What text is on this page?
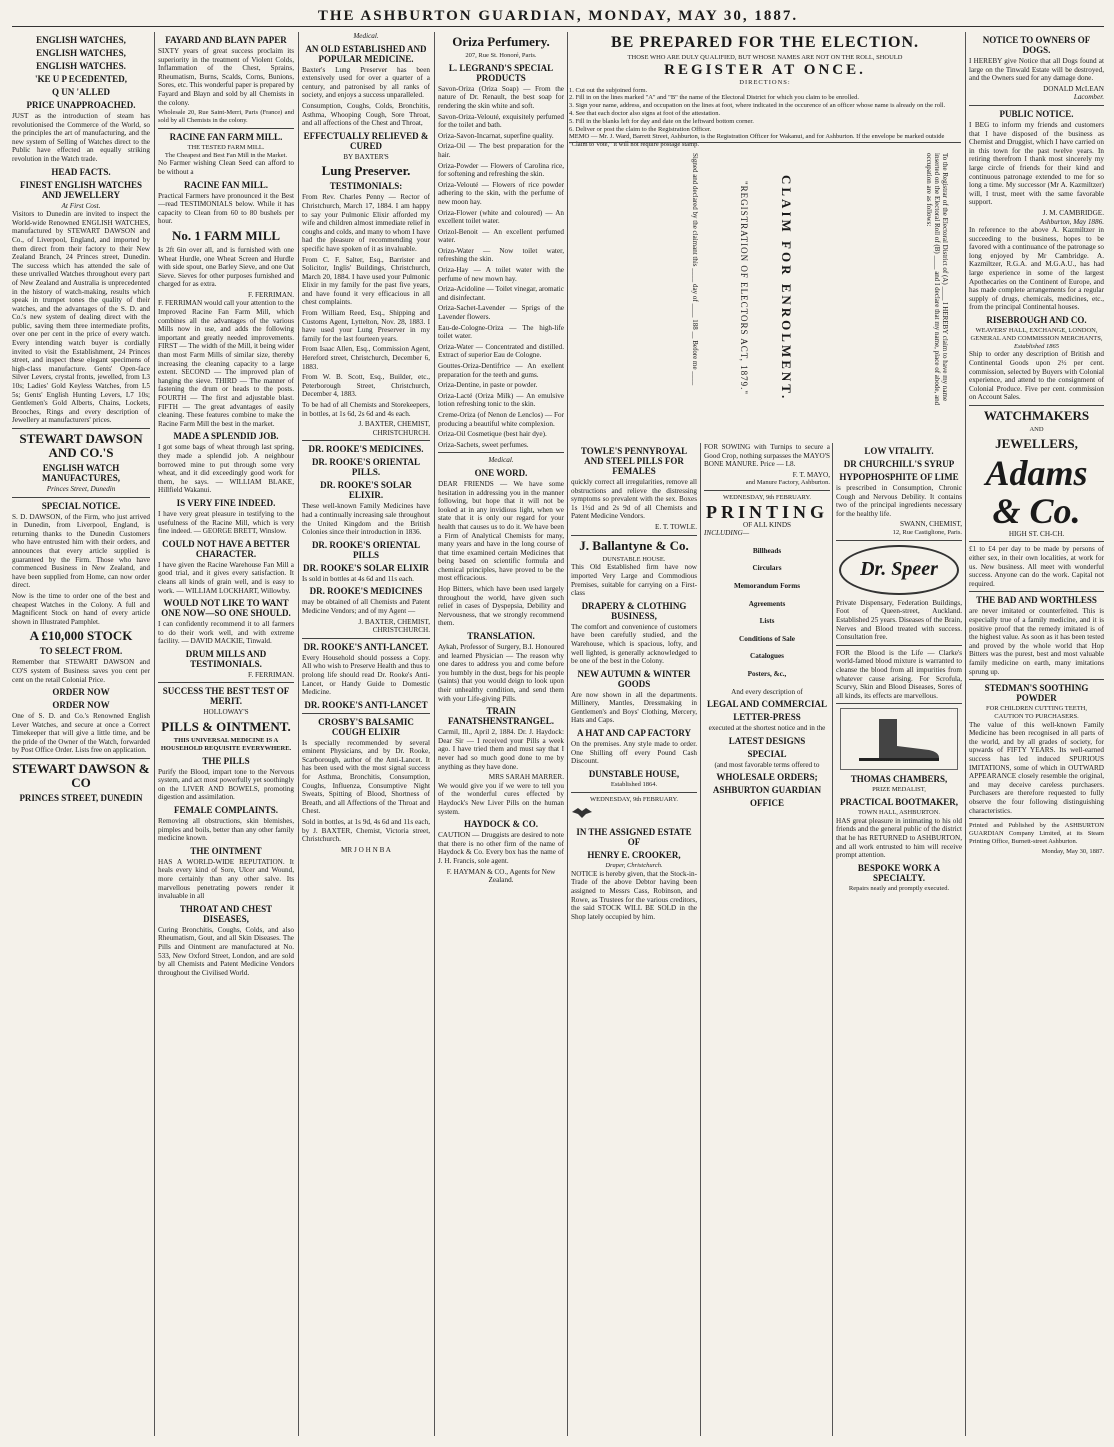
THE ASHBURTON GUARDIAN, MONDAY, MAY 30, 1887.
ENGLISH WATCHES,
ENGLISH WATCHES,
ENGLISH WATCHES.
'KE U P ECEDENTED,
Q UN 'ALLED
PRICE UNAPPROACHED.

JUST as the introduction of steam has revolutionised the Commerce of the World, so the principles the art of manufacturing, and the new system of Selling of Watches direct to the Public have effected an equally striking revolution in the Watch trade.

HEAD FACTS.
FINEST ENGLISH WATCHES AND JEWELLERY
At First Cost.

Visitors to Dunedin are invited to inspect the World-wide Renowned ENGLISH WATCHES, manufactured by STEWART DAWSON and Co., of Liverpool, England, and imported by them direct from their factory to their New Zealand Branch, 24 Princes street, Dunedin. The success which has attended the sale of these unrivalled Watches throughout every part of New Zealand and Australia is unprecedented in the history of watch-making, results which speak in trumpet tones the quality of their watches, and the advantages of the S. D. and Co.'s new system of dealing direct with the public, saving them three intermediate profits, over one per cent in the price of every watch. Every intending watch buyer is cordially invited to visit the Establishment, 24 Princes street, and inspect these elegant specimens of high-class manufacture. Gents' Open-face Silver Levers, crystal fronts, jewelled, from L3 10s; Ladies' Gold Keyless Watches, from L5 5s; Gents' English Hunting Levers, L7 10s; Gentlemen's Gold Alberts, Chains, Lockets, Brooches, Rings and every description of Jewellery at manufacturers' prices.

STEWART DAWSON AND CO.'S
ENGLISH WATCH MANUFACTURES,
Princes Street, Dunedin
SPECIAL NOTICE.

S. D. DAWSON, of the Firm, who just arrived in Dunedin, from Liverpool, England, is returning thanks to the Dunedin Customers who have entrusted him with their orders, and announces that every article supplied is guaranteed by the Firm. Those who have commenced Business in New Zealand, and have been supplied from Home, can now order direct.

Now is the time to order one of the best and cheapest Watches in the Colony. A full and Magnificent Stock on hand of every article shown in Illustrated Pamphlet.

A £10,000 STOCK
TO SELECT FROM.

Remember that STEWART DAWSON and CO'S system of Business saves you cent per cent on the retail Colonial Price.

ORDER NOW
ORDER NOW

One of S. D. and Co.'s Renowned English Lever Watches, and secure at once a Correct Timekeeper that will give a little time, and be the pride of the Owner of the Watch, forwarded by Post Office Order. Lists free on application.

STEWART DAWSON & CO
PRINCES STREET, DUNEDIN
FAYARD AND BLAYN PAPER

SIXTY years of great success proclaim its superiority in the treatment of Violent Colds, Inflammation of the Chest, Sprains, Rheumatism, Burns, Scalds, Corns, Bunions, Sores, etc. This wonderful paper is prepared by Fayard and Blayn and sold by all Chemists in the colony.

Wholesale 20, Rue Saint-Merri, Paris (France) and sold by all Chemists in the colony.

RACINE FAN FARM MILL.
THE TESTED FARM MILL.
The Cheapest and Best Fan Mill in the Market.

No Farmer wishing Clean Seed can afford to be without a

RACINE FAN MILL.

Practical Farmers have pronounced it the Best—read TESTIMONIALS below. While it has capacity to Clean from 60 to 80 bushels per hour.

No. 1 FARM MILL

Is 2ft 6in over all, and is furnished with one Wheat Hurdle, one Wheat Screen and Hurdle with side spout, one Barley Sieve, and one Oat Sieve. Sieves for other purposes furnished and charged for as extra.

F. FERRIMAN.

F. FERRIMAN would call your attention to the Improved Racine Fan Farm Mill, which combines all the advantages of the various Mills now in use, and adds the following important and greatly needed improvements. FIRST — The width of the Mill, it being wider than most Farm Mills of similar size, thereby increasing the cleaning capacity to a large extent. SECOND — The improved plan of hanging the sieve. THIRD — The manner of fastening the drum or heads to the posts. FOURTH — The first and adjustable blast. FIFTH — The great advantages of easily cleaning. These features combine to make the Racine Farm Mill the best in the market.

MADE A SPLENDID JOB.

I got some bags of wheat through last spring, they made a splendid job. A neighbour borrowed mine to put through some very wheat, and it did exceedingly good work for them, he says. — WILLIAM BLAKE, Hillfield Wakanui.

IS VERY FINE INDEED.

I have very great pleasure in testifying to the usefulness of the Racine Mill, which is very fine indeed. — GEORGE BRETT, Winslow.

COULD NOT HAVE A BETTER CHARACTER.

I have given the Racine Warehouse Fan Mill a good trial, and it gives every satisfaction. It cleans all kinds of grain well, and is easy to work. — WILLIAM LOCKHART, Willowby.

WOULD NOT LIKE TO WANT ONE NOW—SO ONE SHOULD.

I can confidently recommend it to all farmers to do their work well, and with extreme facility. — DAVID MACKIE, Tinwald.

DRUM MILLS AND TESTIMONIALS.
F. FERRIMAN.
SUCCESS THE BEST TEST OF MERIT.
HOLLOWAY'S
PILLS & OINTMENT.
THIS UNIVERSAL MEDICINE IS A HOUSEHOLD REQUISITE EVERYWHERE.
THE PILLS

Purify the Blood, impart tone to the Nervous system, and act most powerfully yet soothingly on the LIVER AND BOWELS, promoting digestion and assimilation.

FEMALE COMPLAINTS.

Removing all obstructions, skin blemishes, pimples and boils, better than any other family medicine known.

THE OINTMENT

HAS A WORLD-WIDE REPUTATION. It heals every kind of Sore, Ulcer and Wound, more certainly than any other salve. Its marvellous penetrating powers render it invaluable in all

THROAT AND CHEST DISEASES,

Curing Bronchitis, Coughs, Colds, and also Rheumatism, Gout, and all Skin Diseases. The Pills and Ointment are manufactured at No. 533, New Oxford Street, London, and are sold by all Chemists and Patent Medicine Vendors throughout the Civilised World.

Medical.
AN OLD ESTABLISHED AND POPULAR MEDICINE.

Baxter's Lung Preserver has been extensively used for over a quarter of a century, and patronised by all ranks of society, and enjoys a success unparalleled.

Consumption, Coughs, Colds, Bronchitis, Asthma, Whooping Cough, Sore Throat, and all affections of the Chest and Throat,

EFFECTUALLY RELIEVED & CURED
BY BAXTER'S
Lung Preserver.
TESTIMONIALS:

From Rev. Charles Penny — Rector of Christchurch, March 17, 1884. I am happy to say your Pulmonic Elixir afforded my wife and children almost immediate relief in coughs and colds, and many to whom I have had the pleasure of recommending your specific have spoken of it as invaluable.

From C. F. Salter, Esq., Barrister and Solicitor, Inglis' Buildings, Christchurch, March 20, 1884. I have used your Pulmonic Elixir in my family for the past five years, and have found it very efficacious in all chest complaints.

From William Reed, Esq., Shipping and Customs Agent, Lyttelton, Nov. 28, 1883. I have used your Lung Preserver in my family for the last fourteen years.

From Isaac Allen, Esq., Commission Agent, Hereford street, Christchurch, December 6, 1883.

From W. B. Scott, Esq., Builder, etc., Peterborough Street, Christchurch, December 4, 1883.

To be had of all Chemists and Storekeepers, in bottles, at 1s 6d, 2s 6d and 4s each.

J. BAXTER, CHEMIST, CHRISTCHURCH.
DR. ROOKE'S MEDICINES.
DR. ROOKE'S ORIENTAL PILLS.
DR. ROOKE'S SOLAR ELIXIR.

These well-known Family Medicines have had a continually increasing sale throughout the United Kingdom and the British Colonies since their introduction in 1836.

DR. ROOKE'S ORIENTAL PILLS
DR. ROOKE'S SOLAR ELIXIR

Is sold in bottles at 4s 6d and 11s each.

DR. ROOKE'S MEDICINES

may be obtained of all Chemists and Patent Medicine Vendors; and of my Agent —

J. BAXTER, CHEMIST, CHRISTCHURCH.
DR. ROOKE'S ANTI-LANCET.

Every Household should possess a Copy. All who wish to Preserve Health and thus to prolong life should read Dr. Rooke's Anti-Lancet, or Handy Guide to Domestic Medicine.

DR. ROOKE'S ANTI-LANCET
CROSBY'S BALSAMIC COUGH ELIXIR

Is specially recommended by several eminent Physicians, and by Dr. Rooke, Scarborough, author of the Anti-Lancet. It has been used with the most signal success for Asthma, Bronchitis, Consumption, Coughs, Influenza, Consumptive Night Sweats, Spitting of Blood, Shortness of Breath, and all Affections of the Throat and Chest.

Sold in bottles, at 1s 9d, 4s 6d and 11s each, by J. BAXTER, Chemist, Victoria street, Christchurch.

MR J O H N B A
Oriza Perfumery.
207, Rue St. Honoré, Paris.
L. LEGRAND'S SPECIAL PRODUCTS

Savon-Oriza (Oriza Soap) — From the nature of Dr. Renault, the best soap for rendering the skin white and soft.

Savon-Oriza-Velouté, exquisitely perfumed for the toilet and bath.

Oriza-Savon-Incarnat, superfine quality.

Oriza-Oil — The best preparation for the hair.

Oriza-Powder — Flowers of Carolina rice, for softening and refreshing the skin.

Oriza-Velouté — Flowers of rice powder adhering to the skin, with the perfume of new moon hay.

Oriza-Flower (white and coloured) — An excellent toilet water.

Orizol-Benoit — An excellent perfumed water.

Orizo-Water — Now toilet water, refreshing the skin.

Oriza-Hay — A toilet water with the perfume of new mown hay.

Oriza-Acidoline — Toilet vinegar, aromatic and disinfectant.

Oriza-Sachet-Lavender — Sprigs of the Lavender flowers.

Eau-de-Cologne-Oriza — The high-life toilet water.

Oriza-Water — Concentrated and distilled. Extract of superior Eau de Cologne.

Gouttes-Oriza-Dentifrice — An exellent preparation for the teeth and gums.

Oriza-Dentine, in paste or powder.

Oriza-Lacté (Oriza Milk) — An emulsive lotion refreshing tonic to the skin.

Creme-Oriza (of Nenon de Lenclos) — For producing a beautiful white complexion.

Oriza-Oil Cosmetique (best hair dye).

Oriza-Sachets, sweet perfumes.

Medical.
ONE WORD.

DEAR FRIENDS — We have some hesitation in addressing you in the manner following, but hope that it will not be looked at in any invidious light, when we state that it is only our regard for your health that causes us to do it. We have been a Firm of Analytical Chemists for many, many years and have in the long course of that time examined certain Medicines that being based on scientific formula and chemical principles, have proved to be the most efficacious.

Hop Bitters, which have been used largely throughout the world, have given such relief in cases of Dyspepsia, Debility and Nervousness, that we strongly recommend them.

TRANSLATION.

Aykah, Professor of Surgery, B.I. Honoured and learned Physician — The reason why one dares to address you and come before you humbly in the dust, begs for his people (saints) that you would deign to look upon their unhealthy condition, and send them with your Life-giving Pills.

TRAIN FANATSHENSTRANGEL.

Carmil, Ill., April 2, 1884. Dr. J. Haydock: Dear Sir — I received your Pills a week ago. I have tried them and must say that I never had so much good done to me by anything as they have done.

MRS SARAH MARRER.

We would give you if we were to tell you of the wonderful cures effected by Haydock's New Liver Pills on the human system.

HAYDOCK & CO.

CAUTION — Druggists are desired to note that there is no other firm of the name of Haydock & Co. Every box has the name of J. H. Francis, sole agent.

F. HAYMAN & CO., Agents for New Zealand.
BE PREPARED FOR THE ELECTION.
THOSE WHO ARE DULY QUALIFIED, BUT WHOSE NAMES ARE NOT ON THE ROLL, SHOULD
REGISTER AT ONCE.
DIRECTIONS:
1. Cut out the subjoined form.
2. Fill in on the lines marked "A" and "B" the name of the Electoral District for which you claim to be enrolled.
3. Sign your name, address, and occupation on the lines at foot, where indicated in the occurence of an officer whose name is already on the roll.
4. See that each doctor also signs at foot of the attestation.
5. Fill in the blanks left for day and date on the leftward bottom corner.
6. Deliver or post the claim to the Registration Officer.
MEMO — Mr. J. Ward, Barrett Street, Ashburton, is the Registration Officer for Wakanui, and for Ashburton. If the envelope be marked outside "Claim to Vote," it will not require postage stamp.
Signed and declared by the claimant this ____ day of ____ 188 __ Before me ____	"REGISTRATION OF ELECTORS ACT, 1879."	CLAIM FOR ENROLMENT.	To the Registrar of the Electoral District of (A) ____ I HEREBY claim to have my name inserted on the Electoral Roll of (B) ____ and I declare that my name, place of abode, and occupation are as follows:
NOTICE TO OWNERS OF DOGS.

I HEREBY give Notice that all Dogs found at large on the Tinwald Estate will be destroyed, and the Owners sued for any damage done.

DONALD McLEAN
Lacomber.
PUBLIC NOTICE.

I BEG to inform my friends and customers that I have disposed of the business as Chemist and Druggist, which I have carried on in this town for the past twelve years. In retiring therefrom I thank most sincerely my large circle of friends for their kind and continuous patronage extended to me for so long a time. My successor (Mr A. Kazmiltzer) will, I trust, meet with the same favorable support.

J. M. CAMBRIDGE.
Ashburton, May 1886.

In reference to the above A. Kazmiltzer in succeeding to the business, hopes to be favored with a continuance of the patronage so long enjoyed by Mr Cambridge. A. Kazmiltzer, R.G.A. and M.G.A.U., has had large experience in some of the largest Apothecaries on the Continent of Europe, and has made complete arrangements for a regular supply of drugs, chemicals, medicines, etc., from the principal Continental houses.

RISEBROUGH AND CO.
WEAVERS' HALL, EXCHANGE, LONDON,
GENERAL AND COMMISSION MERCHANTS,
Established 1865

Ship to order any description of British and Continental Goods upon 2½ per cent. commission, selected by Buyers with Colonial experience, and attend to the consignment of Colonial Produce. Five per cent. commission on Account Sales.

WATCHMAKERS
AND
JEWELLERS,
Adams & Co.
HIGH ST. CH-CH.

£1 to £4 per day to be made by persons of either sex, in their own localities, at work for us. New business. All meet with wonderful success. Anyone can do the work. Capital not required.

THE BAD AND WORTHLESS

are never imitated or counterfeited. This is especially true of a family medicine, and it is positive proof that the remedy imitated is of the highest value. As soon as it has been tested and proved by the whole world that Hop Bitters was the purest, best and most valuable family medicine on earth, many imitations sprung up.

STEDMAN'S SOOTHING POWDER
FOR CHILDREN CUTTING TEETH,
CAUTION TO PURCHASERS.

The value of this well-known Family Medicine has been recognised in all parts of the world, and by all grades of society, for upwards of FIFTY YEARS. Its well-earned success has led induced SPURIOUS IMITATIONS, some of which in OUTWARD APPEARANCE closely resemble the original, and may deceive careless purchasers. Purchasers are therefore requested to fully observe the four following distinguishing characteristics.

Printed and Published by the ASHBURTON GUARDIAN Company Limited, at its Steam Printing Office, Burnett-street Ashburton.

Monday, May 30, 1887.
TOWLE'S PENNYROYAL AND STEEL PILLS FOR FEMALES

quickly correct all irregularities, remove all obstructions and relieve the distressing symptoms so prevalent with the sex. Boxes 1s 1½d and 2s 9d of all Chemists and Patent Medicine Vendors.

E. T. TOWLE.
J. Ballantyne & Co.
DUNSTABLE HOUSE.

This Old Established firm have now imported Very Large and Commodious Premises, suitable for carrying on a First-class

DRAPERY & CLOTHING BUSINESS,

The comfort and convenience of customers have been carefully studied, and the Warehouse, which is spacious, lofty, and well lighted, is generally acknowledged to be one of the best in the Colony.

NEW AUTUMN & WINTER GOODS

Are now shown in all the departments. Millinery, Mantles, Dressmaking in Gentlemen's and Boys' Clothing, Mercery, Hats and Caps.

A HAT AND CAP FACTORY

On the premises. Any style made to order. One Shilling off every Pound Cash Discount.

DUNSTABLE HOUSE,
Established 1864.
WEDNESDAY, 9th FEBRUARY.
IN THE ASSIGNED ESTATE OF
HENRY E. CROOKER,
Draper, Christchurch.

NOTICE is hereby given, that the Stock-in-Trade of the above Debtor having been assigned to Messrs Cass, Robinson, and Rowe, as Trustees for the various creditors, the said STOCK WILL BE SOLD in the Shop lately occupied by him.

FOR SOWING with Turnips to secure a Good Crop, nothing surpasses the MAYO'S BONE MANURE. Price — L8.

F. T. MAYO,
and Manure Factory, Ashburton.
WEDNESDAY, 9th FEBRUARY.
PRINTING
OF ALL KINDS
INCLUDING—
Billheads
Circulars
Memorandum Forms
Agreements
Lists
Conditions of Sale
Catalogues
Posters, &c.,
And every description of
LEGAL AND COMMERCIAL
LETTER-PRESS
executed at the shortest notice and in the
LATEST DESIGNS
SPECIAL
(and most favorable terms offered to
WHOLESALE ORDERS;
ASHBURTON GUARDIAN
OFFICE
LOW VITALITY.
DR CHURCHILL'S SYRUP
HYPOPHOSPHITE OF LIME

is prescribed in Consumption, Chronic Cough and Nervous Debility. It contains two of the principal ingredients necessary for the healthy life.

SWANN, CHEMIST,
12, Rue Castiglione, Paris.
Dr. Speer

Private Dispensary, Federation Buildings, Foot of Queen-street, Auckland. Established 25 years. Diseases of the Brain, Nerves and Blood treated with success. Consultation free.

FOR the Blood is the Life — Clarke's world-famed blood mixture is warranted to cleanse the blood from all impurities from whatever cause arising. For Scrofula, Scurvy, Skin and Blood Diseases, Sores of all kinds, its effects are marvellous.

THOMAS CHAMBERS,
PRIZE MEDALIST,
PRACTICAL BOOTMAKER,
TOWN HALL, ASHBURTON.

HAS great pleasure in intimating to his old friends and the general public of the district that he has RETURNED to ASHBURTON, and all work entrusted to him will receive prompt attention.

BESPOKE WORK A SPECIALTY.
Repairs neatly and promptly executed.
